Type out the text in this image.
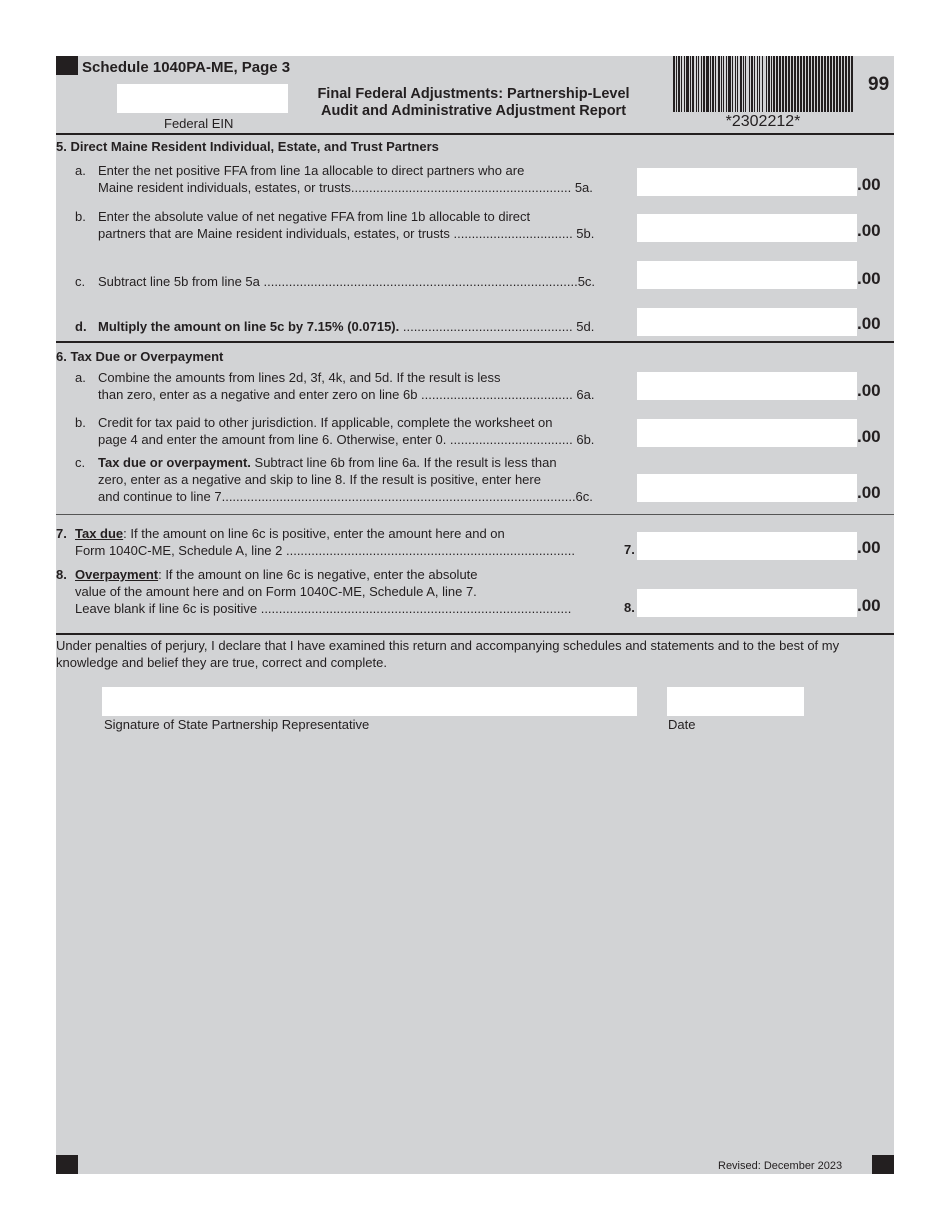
Schedule 1040PA-ME, Page 3
Federal EIN
Final Federal Adjustments: Partnership-Level
Audit and Administrative Adjustment Report
*2302212*
99
5. Direct Maine Resident Individual, Estate, and Trust Partners
a. Enter the net positive FFA from line 1a allocable to direct partners who are
Maine resident individuals, estates, or trusts............................................................. 5a.	.00
b. Enter the absolute value of net negative FFA from line 1b allocable to direct
partners that are Maine resident individuals, estates, or trusts ................................. 5b.	.00
c. Subtract line 5b from line 5a .......................................................................................5c.	.00
d. Multiply the amount on line 5c by 7.15% (0.0715). ............................................... 5d.	.00
6. Tax Due or Overpayment
a. Combine the amounts from lines 2d, 3f, 4k, and 5d. If the result is less
than zero, enter as a negative and enter zero on line 6b .......................................... 6a.	.00
b. Credit for tax paid to other jurisdiction. If applicable, complete the worksheet on
page 4 and enter the amount from line 6. Otherwise, enter 0. .................................. 6b.	.00
c. Tax due or overpayment. Subtract line 6b from line 6a. If the result is less than
zero, enter as a negative and skip to line 8. If the result is positive, enter here
and continue to line 7..................................................................................................6c.	.00
7. Tax due: If the amount on line 6c is positive, enter the amount here and on
Form 1040C-ME, Schedule A, line 2 ................................................................................	7.	.00
8. Overpayment: If the amount on line 6c is negative, enter the absolute
value of the amount here and on Form 1040C-ME, Schedule A, line 7.
Leave blank if line 6c is positive ......................................................................................	8.	.00
Under penalties of perjury, I declare that I have examined this return and accompanying schedules and statements and to the best of my knowledge and belief they are true, correct and complete.
Signature of State Partnership Representative	Date
Revised: December 2023
